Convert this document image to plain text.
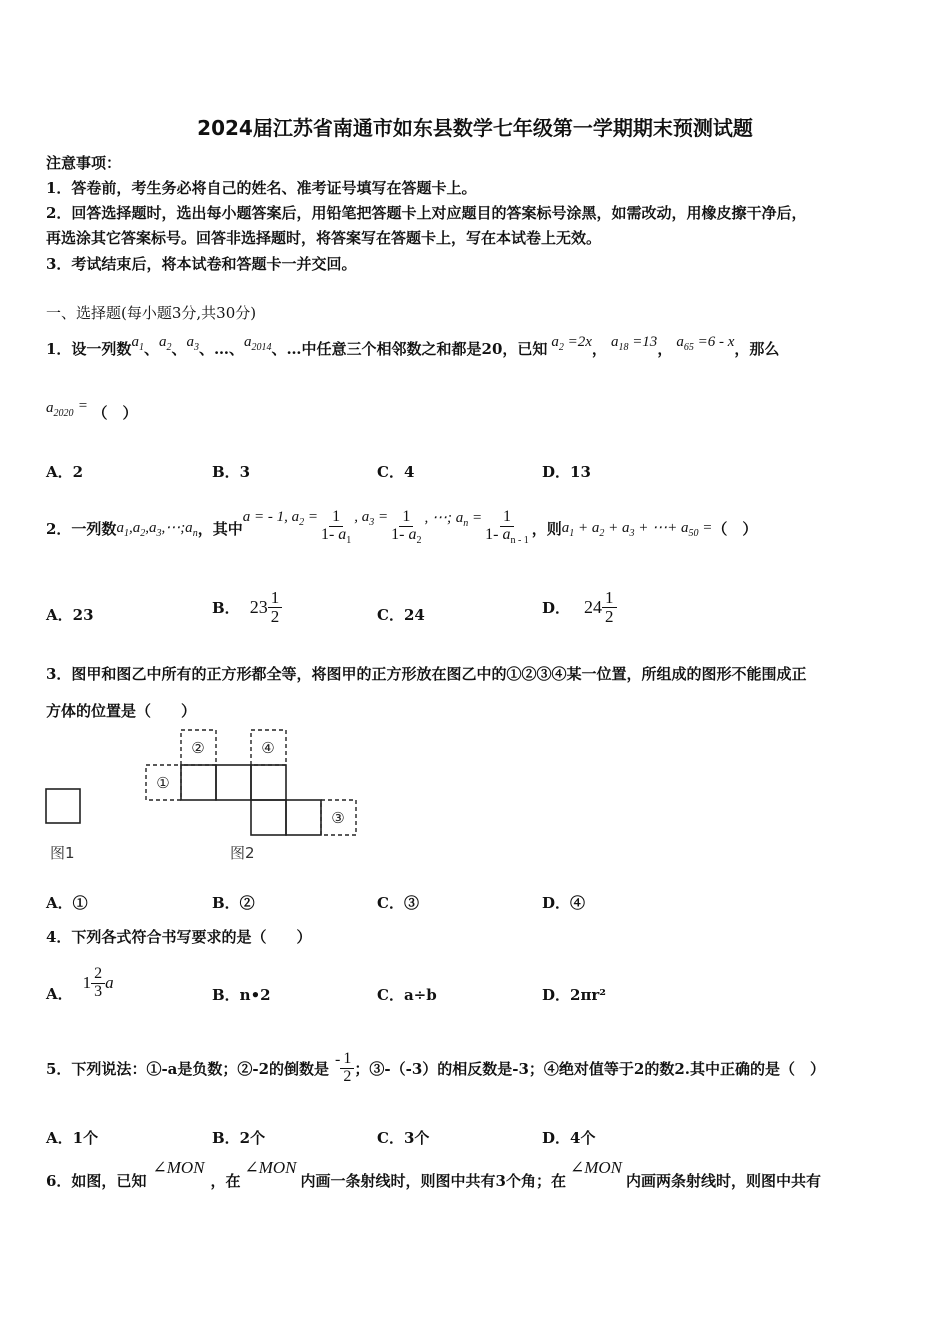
2024届江苏省南通市如东县数学七年级第一学期期末预测试题
注意事项：
1．答卷前，考生务必将自己的姓名、准考证号填写在答题卡上。
2．回答选择题时，选出每小题答案后，用铅笔把答题卡上对应题目的答案标号涂黑，如需改动，用橡皮擦干净后，
再选涂其它答案标号。回答非选择题时，将答案写在答题卡上，写在本试卷上无效。
3．考试结束后，将本试卷和答题卡一并交回。
一、选择题(每小题3分,共30分)
1．设一列数$a_1$、$a_2$、$a_3$、…、$a_{2014}$、…中任意三个相邻数之和都是20，已知 $a_2 =2x$， $a_{18} =13$， $a_{65} =6 - x$，那么
$a_{2020}$ = （　）
A．2	B．3	C．4	D．13
2．一列数 $a_1,a_2,a_3,\cdots;a_n$ ，其中
a = - 1, $a_2 = \frac{1}{1- a_1}$ , $a_3 = \frac{1}{1- a_2}$ , ⋯; $a_n = \frac{1}{1- a_{n - 1}}$ ，则 $a_1 + a_2 + a_3$ + ⋯+ $a_{50}$ = （　）
A．23	B． $23 \frac{1}{2}$	C．24	D． $24 \frac{1}{2}$
3．图甲和图乙中所有的正方形都全等，将图甲的正方形放在图乙中的①②③④某一位置，所组成的图形不能围成正
方体的位置是（　　）
图1
①
②
③
④
图2
A．①	B．②	C．③	D．④
4．下列各式符合书写要求的是（　　）
A．
$1 \frac{2}{3}$ a
B．n•2	C．a÷b	D．2πr²
5．下列说法：①-a是负数；②-2的倒数是 - $\frac{1}{2}$ ；③-（-3）的相反数是-3；④绝对值等于2的数2.其中正确的是（　）
A．1个	B．2个	C．3个	D．4个
6．如图，已知
∠MON
，在
∠MON
内画一条射线时，则图中共有3个角；在
∠MON
内画两条射线时，则图中共有
